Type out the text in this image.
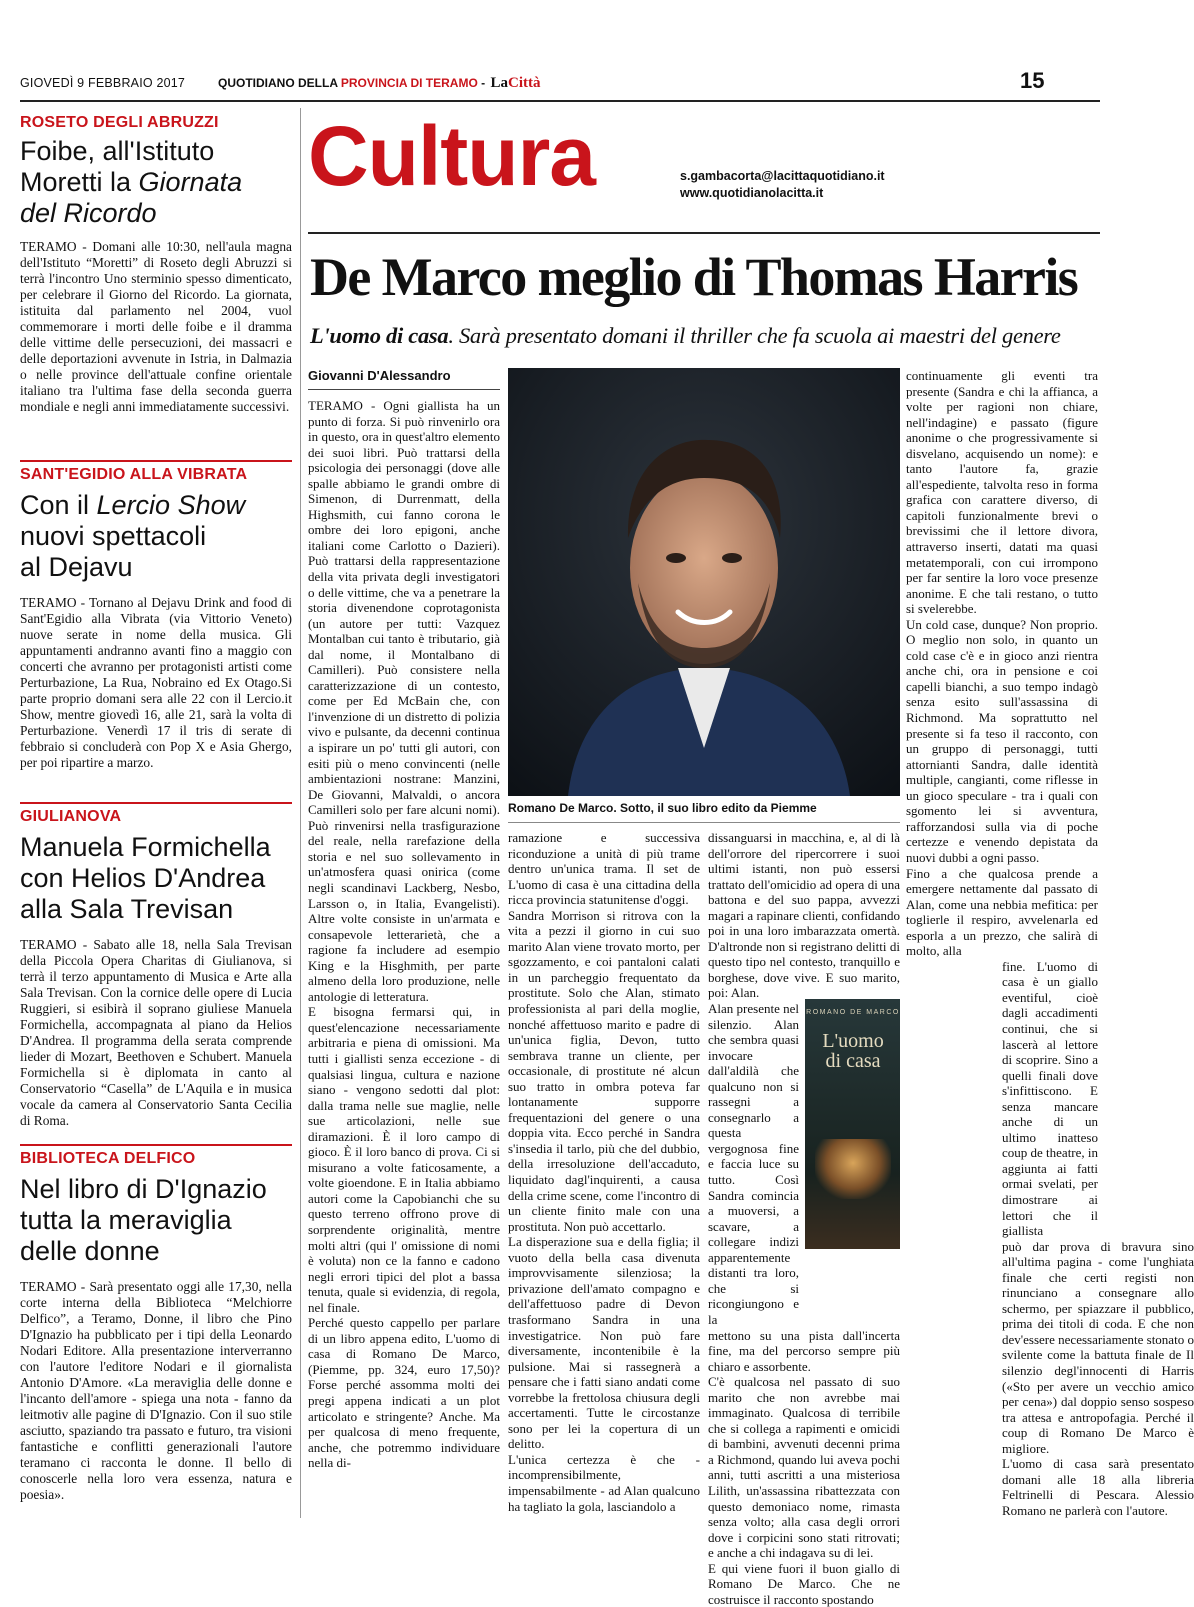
GIOVEDÌ 9 FEBBRAIO 2017	QUOTIDIANO DELLA PROVINCIA DI TERAMO - LaCittà	15
ROSETO DEGLI ABRUZZI
Foibe, all'Istituto
Moretti la Giornata
del Ricordo
TERAMO - Domani alle 10:30, nell'aula magna dell'Istituto “Moretti” di Roseto degli Abruzzi si terrà l'incontro Uno sterminio spesso dimenticato, per celebrare il Giorno del Ricordo. La giornata, istituita dal parlamento nel 2004, vuol commemorare i morti delle foibe e il dramma delle vittime delle persecuzioni, dei massacri e delle deportazioni avvenute in Istria, in Dalmazia o nelle province dell'attuale confine orientale italiano tra l'ultima fase della seconda guerra mondiale e negli anni immediatamente successivi.
SANT'EGIDIO ALLA VIBRATA
Con il Lercio Show
nuovi spettacoli
al Dejavu
TERAMO - Tornano al Dejavu Drink and food di Sant'Egidio alla Vibrata (via Vittorio Veneto) nuove serate in nome della musica. Gli appuntamenti andranno avanti fino a maggio con concerti che avranno per protagonisti artisti come Perturbazione, La Rua, Nobraino ed Ex Otago.Si parte proprio domani sera alle 22 con il Lercio.it Show, mentre giovedì 16, alle 21, sarà la volta di Perturbazione. Venerdì 17 il tris di serate di febbraio si concluderà con Pop X e Asia Ghergo, per poi ripartire a marzo.
GIULIANOVA
Manuela Formichella
con Helios D'Andrea
alla Sala Trevisan
TERAMO - Sabato alle 18, nella Sala Trevisan della Piccola Opera Charitas di Giulianova, si terrà il terzo appuntamento di Musica e Arte alla Sala Trevisan. Con la cornice delle opere di Lucia Ruggieri, si esibirà il soprano giuliese Manuela Formichella, accompagnata al piano da Helios D'Andrea. Il programma della serata comprende lieder di Mozart, Beethoven e Schubert. Manuela Formichella si è diplomata in canto al Conservatorio “Casella” de L'Aquila e in musica vocale da camera al Conservatorio Santa Cecilia di Roma.
BIBLIOTECA DELFICO
Nel libro di D'Ignazio
tutta la meraviglia
delle donne
TERAMO - Sarà presentato oggi alle 17,30, nella corte interna della Biblioteca “Melchiorre Delfico”, a Teramo, Donne, il libro che Pino D'Ignazio ha pubblicato per i tipi della Leonardo Nodari Editore. Alla presentazione interverranno con l'autore l'editore Nodari e il giornalista Antonio D'Amore. «La meraviglia delle donne e l'incanto dell'amore - spiega una nota - fanno da leitmotiv alle pagine di D'Ignazio. Con il suo stile asciutto, spaziando tra passato e futuro, tra visioni fantastiche e conflitti generazionali l'autore teramano ci racconta le donne. Il bello di conoscerle nella loro vera essenza, natura e poesia».
Cultura	s.gambacorta@lacittaquotidiano.it
www.quotidianolacitta.it
De Marco meglio di Thomas Harris
L'uomo di casa. Sarà presentato domani il thriller che fa scuola ai maestri del genere
Giovanni D'Alessandro
TERAMO - Ogni giallista ha un punto di forza. Si può rinvenirlo ora in questo, ora in quest'altro elemento dei suoi libri. Può trattarsi della psicologia dei personaggi (dove alle spalle abbiamo le grandi ombre di Simenon, di Durrenmatt, della Highsmith, cui fanno corona le ombre dei loro epigoni, anche italiani come Carlotto o Dazieri). Può trattarsi della rappresentazione della vita privata degli investigatori o delle vittime, che va a penetrare la storia divenendone coprotagonista (un autore per tutti: Vazquez Montalban cui tanto è tributario, già dal nome, il Montalbano di Camilleri). Può consistere nella caratterizzazione di un contesto, come per Ed McBain che, con l'invenzione di un distretto di polizia vivo e pulsante, da decenni continua a ispirare un po' tutti gli autori, con esiti più o meno convincenti (nelle ambientazioni nostrane: Manzini, De Giovanni, Malvaldi, o ancora Camilleri solo per fare alcuni nomi). Può rinvenirsi nella trasfigurazione del reale, nella rarefazione della storia e nel suo sollevamento in un'atmosfera quasi onirica (come negli scandinavi Lackberg, Nesbo, Larsson o, in Italia, Evangelisti). Altre volte consiste in un'armata e consapevole letterarietà, che a ragione fa includere ad esempio King e la Hisghmith, per parte almeno della loro produzione, nelle antologie di letteratura.
E bisogna fermarsi qui, in quest'elencazione necessariamente arbitraria e piena di omissioni. Ma tutti i giallisti senza eccezione - di qualsiasi lingua, cultura e nazione siano - vengono sedotti dal plot: dalla trama nelle sue maglie, nelle sue articolazioni, nelle sue diramazioni. È il loro campo di gioco. È il loro banco di prova. Ci si misurano a volte faticosamente, a volte gioendone. E in Italia abbiamo autori come la Capobianchi che su questo terreno offrono prove di sorprendente originalità, mentre molti altri (qui l' omissione di nomi è voluta) non ce la fanno e cadono negli errori tipici del plot a bassa tenuta, quale si evidenzia, di regola, nel finale.
Perché questo cappello per parlare di un libro appena edito, L'uomo di casa di Romano De Marco, (Piemme, pp. 324, euro 17,50)? Forse perché assomma molti dei pregi appena indicati a un plot articolato e stringente? Anche. Ma per qualcosa di meno frequente, anche, che potremmo individuare nella di-
Romano De Marco. Sotto, il suo libro edito da Piemme
ramazione e successiva riconduzione a unità di più trame dentro un'unica trama. Il set de L'uomo di casa è una cittadina della ricca provincia statunitense d'oggi.
Sandra Morrison si ritrova con la vita a pezzi il giorno in cui suo marito Alan viene trovato morto, per sgozzamento, e coi pantaloni calati in un parcheggio frequentato da prostitute. Solo che Alan, stimato professionista al pari della moglie, nonché affettuoso marito e padre di un'unica figlia, Devon, tutto sembrava tranne un cliente, per occasionale, di prostitute né alcun suo tratto in ombra poteva far lontanamente supporre frequentazioni del genere o una doppia vita. Ecco perché in Sandra s'insedia il tarlo, più che del dubbio, della irresoluzione dell'accaduto, liquidato dagl'inquirenti, a causa della crime scene, come l'incontro di un cliente finito male con una prostituta. Non può accettarlo.
La disperazione sua e della figlia; il vuoto della bella casa divenuta improvvisamente silenziosa; la privazione dell'amato compagno e dell'affettuoso padre di Devon trasformano Sandra in una investigatrice. Non può fare diversamente, incontenibile è la pulsione. Mai si rassegnerà a pensare che i fatti siano andati come vorrebbe la frettolosa chiusura degli accertamenti. Tutte le circostanze sono per lei la copertura di un delitto.
L'unica certezza è che - incomprensibilmente, impensabilmente - ad Alan qualcuno ha tagliato la gola, lasciandolo a
dissanguarsi in macchina, e, al di là dell'orrore del ripercorrere i suoi ultimi istanti, non può essersi trattato dell'omicidio ad opera di una battona e del suo pappa, avvezzi magari a rapinare clienti, confidando poi in una loro imbarazzata omertà. D'altronde non si registrano delitti di questo tipo nel contesto, tranquillo e borghese, dove vive. E suo marito, poi: Alan.
Alan presente nel silenzio. Alan che sembra quasi invocare dall'aldilà che qualcuno non si rassegni a consegnarlo a questa vergognosa fine e faccia luce su tutto. Così Sandra comincia a muoversi, a scavare, a collegare indizi apparentemente distanti tra loro, che si ricongiungono e la
ROMANO DE MARCO
L'uomo
di casa
mettono su una pista dall'incerta fine, ma del percorso sempre più chiaro e assorbente.
C'è qualcosa nel passato di suo marito che non avrebbe mai immaginato. Qualcosa di terribile che si collega a rapimenti e omicidi di bambini, avvenuti decenni prima a Richmond, quando lui aveva pochi anni, tutti ascritti a una misteriosa Lilith, un'assassina ribattezzata con questo demoniaco nome, rimasta senza volto; alla casa degli orrori dove i corpicini sono stati ritrovati; e anche a chi indagava su di lei.
E qui viene fuori il buon giallo di Romano De Marco. Che ne costruisce il racconto spostando
continuamente gli eventi tra presente (Sandra e chi la affianca, a volte per ragioni non chiare, nell'indagine) e passato (figure anonime o che progressivamente si disvelano, acquisendo un nome): e tanto l'autore fa, grazie all'espediente, talvolta reso in forma grafica con carattere diverso, di capitoli funzionalmente brevi o brevissimi che il lettore divora, attraverso inserti, datati ma quasi metatemporali, con cui irrompono per far sentire la loro voce presenze anonime. E che tali restano, o tutto si svelerebbe.
Un cold case, dunque? Non proprio. O meglio non solo, in quanto un cold case c'è e in gioco anzi rientra anche chi, ora in pensione e coi capelli bianchi, a suo tempo indagò senza esito sull'assassina di Richmond. Ma soprattutto nel presente si fa teso il racconto, con un gruppo di personaggi, tutti attornianti Sandra, dalle identità multiple, cangianti, come riflesse in un gioco speculare - tra i quali con sgomento lei si avventura, rafforzandosi sulla via di poche certezze e venendo depistata da nuovi dubbi a ogni passo.
Fino a che qualcosa prende a emergere nettamente dal passato di Alan, come una nebbia mefitica: per toglierle il respiro, avvelenarla ed esporla a un prezzo, che salirà di molto, alla
fine. L'uomo di casa è un giallo eventiful, cioè dagli accadimenti continui, che si lascerà al lettore di scoprire. Sino a quelli finali dove s'infittiscono. E senza mancare anche di un ultimo inatteso coup de theatre, in aggiunta ai fatti ormai svelati, per dimostrare ai lettori che il giallista
può dar prova di bravura sino all'ultima pagina - come l'unghiata finale che certi registi non rinunciano a consegnare allo schermo, per spiazzare il pubblico, prima dei titoli di coda. E che non dev'essere necessariamente stonato o svilente come la battuta finale de Il silenzio degl'innocenti di Harris («Sto per avere un vecchio amico per cena») dal doppio senso sospeso tra attesa e antropofagia. Perché il coup di Romano De Marco è migliore.
L'uomo di casa sarà presentato domani alle 18 alla libreria Feltrinelli di Pescara. Alessio Romano ne parlerà con l'autore.
